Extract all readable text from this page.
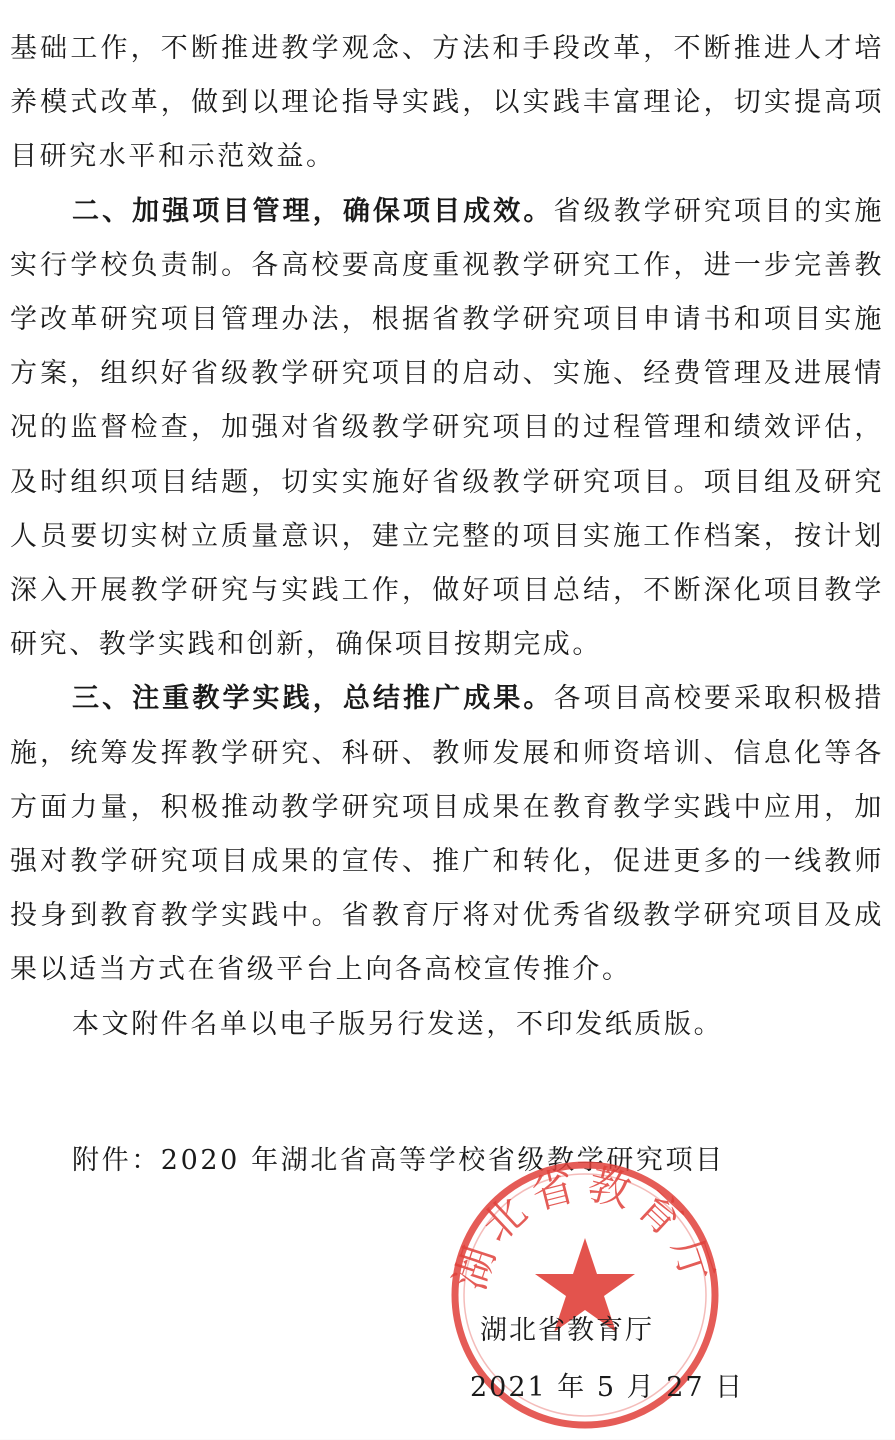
基础工作，不断推进教学观念、方法和手段改革，不断推进人才培养模式改革，做到以理论指导实践，以实践丰富理论，切实提高项目研究水平和示范效益。

二、加强项目管理，确保项目成效。省级教学研究项目的实施实行学校负责制。各高校要高度重视教学研究工作，进一步完善教学改革研究项目管理办法，根据省教学研究项目申请书和项目实施方案，组织好省级教学研究项目的启动、实施、经费管理及进展情况的监督检查，加强对省级教学研究项目的过程管理和绩效评估，及时组织项目结题，切实实施好省级教学研究项目。项目组及研究人员要切实树立质量意识，建立完整的项目实施工作档案，按计划深入开展教学研究与实践工作，做好项目总结，不断深化项目教学研究、教学实践和创新，确保项目按期完成。

三、注重教学实践，总结推广成果。各项目高校要采取积极措施，统筹发挥教学研究、科研、教师发展和师资培训、信息化等各方面力量，积极推动教学研究项目成果在教育教学实践中应用，加强对教学研究项目成果的宣传、推广和转化，促进更多的一线教师投身到教育教学实践中。省教育厅将对优秀省级教学研究项目及成果以适当方式在省级平台上向各高校宣传推介。

本文附件名单以电子版另行发送，不印发纸质版。

附件：2020 年湖北省高等学校省级教学研究项目
湖北省教育厅
湖北省教育厅
2021 年 5 月 27 日
